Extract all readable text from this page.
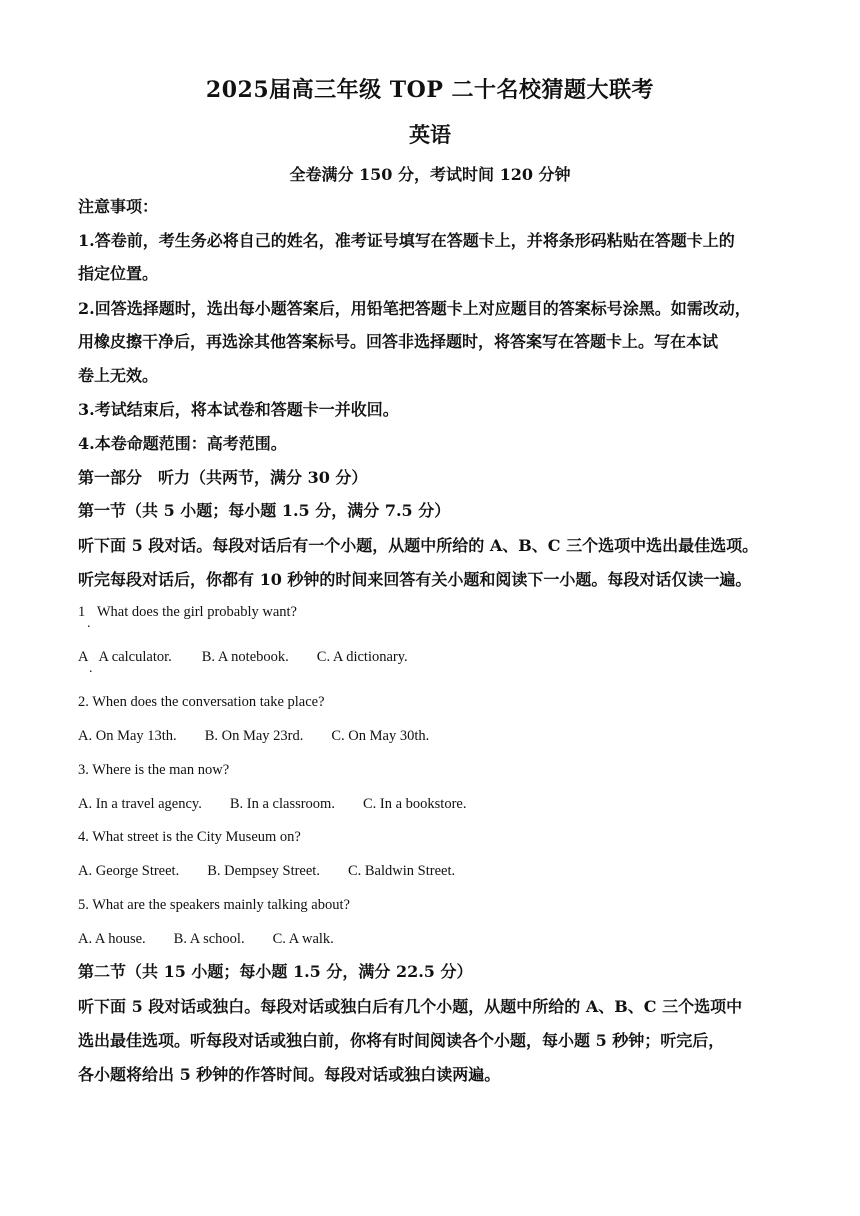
2025届高三年级 TOP 二十名校猜题大联考
英语
全卷满分 150 分，考试时间 120 分钟
注意事项：
1.答卷前，考生务必将自己的姓名，准考证号填写在答题卡上，并将条形码粘贴在答题卡上的
指定位置。
2.回答选择题时，选出每小题答案后，用铅笔把答题卡上对应题目的答案标号涂黑。如需改动，
用橡皮擦干净后，再选涂其他答案标号。回答非选择题时，将答案写在答题卡上。写在本试
卷上无效。
3.考试结束后，将本试卷和答题卡一并收回。
4.本卷命题范围：高考范围。
第一部分　听力（共两节，满分 30 分）
第一节（共 5 小题；每小题 1.5 分，满分 7.5 分）
听下面 5 段对话。每段对话后有一个小题，从题中所给的 A、B、C 三个选项中选出最佳选项。
听完每段对话后，你都有 10 秒钟的时间来回答有关小题和阅读下一小题。每段对话仅读一遍。
1 What does the girl probably want?
.
A A calculator. B. A notebook. C. A dictionary.
.
2. When does the conversation take place?
A. On May 13th. B. On May 23rd. C. On May 30th.
3. Where is the man now?
A. In a travel agency. B. In a classroom. C. In a bookstore.
4. What street is the City Museum on?
A. George Street. B. Dempsey Street. C. Baldwin Street.
5. What are the speakers mainly talking about?
A. A house. B. A school. C. A walk.
第二节（共 15 小题；每小题 1.5 分，满分 22.5 分）
听下面 5 段对话或独白。每段对话或独白后有几个小题，从题中所给的 A、B、C 三个选项中
选出最佳选项。听每段对话或独白前，你将有时间阅读各个小题，每小题 5 秒钟；听完后，
各小题将给出 5 秒钟的作答时间。每段对话或独白读两遍。
